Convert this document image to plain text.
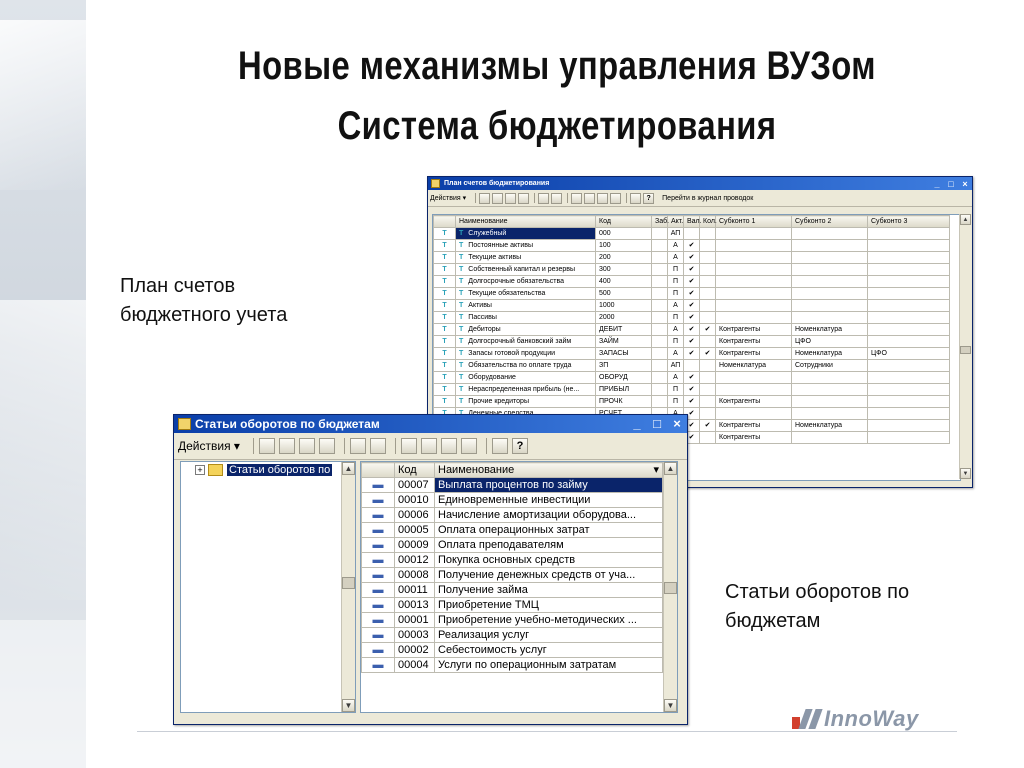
Новые механизмы управления ВУЗом
Система бюджетирования
План счетов
бюджетного учета
Статьи оборотов по
бюджетам
План счетов бюджетирования	_ □ ×
Действия ▾	?	Перейти в журнал проводок
	Наименование	Код	Заб.	Акт.	Вал.	Кол.	Субконто 1	Субконто 2	Субконто 3
T	T Служебный	000		АП					
T	T Постоянные активы	100		А	✔				
T	T Текущие активы	200		А	✔				
T	T Собственный капитал и резервы	300		П	✔				
T	T Долгосрочные обязательства	400		П	✔				
T	T Текущие обязательства	500		П	✔				
T	T Активы	1000		А	✔				
T	T Пассивы	2000		П	✔				
T	T Дебиторы	ДЕБИТ		А	✔	✔	Контрагенты	Номенклатура	
T	T Долгосрочный банковский займ	ЗАЙМ		П	✔		Контрагенты	ЦФО	
T	T Запасы готовой продукции	ЗАПАСЫ		А	✔	✔	Контрагенты	Номенклатура	ЦФО
T	T Обязательства по оплате труда	ЗП		АП			Номенклатура	Сотрудники	
T	T Оборудование	ОБОРУД		А	✔				
T	T Нераспределенная прибыль (не...	ПРИБЫЛ		П	✔				
T	T Прочие кредиторы	ПРОЧК		П	✔		Контрагенты		
					✔				
					✔	✔	Контрагенты	Номенклатура	
					✔		Контрагенты		
▲
▼
Статьи оборотов по бюджетам	_ □ ×
Действия ▾	?
+ Статьи оборотов по	▲
▼
	Код	Наименование ▾

▬	00007	Выплата процентов по займу
▬	00010	Единовременные инвестиции
▬	00006	Начисление амортизации оборудова...
▬	00005	Оплата операционных затрат
▬	00009	Оплата преподавателям
▬	00012	Покупка основных средств
▬	00008	Получение денежных средств от уча...
▬	00011	Получение займа
▬	00013	Приобретение ТМЦ
▬	00001	Приобретение учебно-методических ...
▬	00003	Реализация услуг
▬	00002	Себестоимость услуг
▬	00004	Услуги по операционным затратам
▲
▼
InnoWay
